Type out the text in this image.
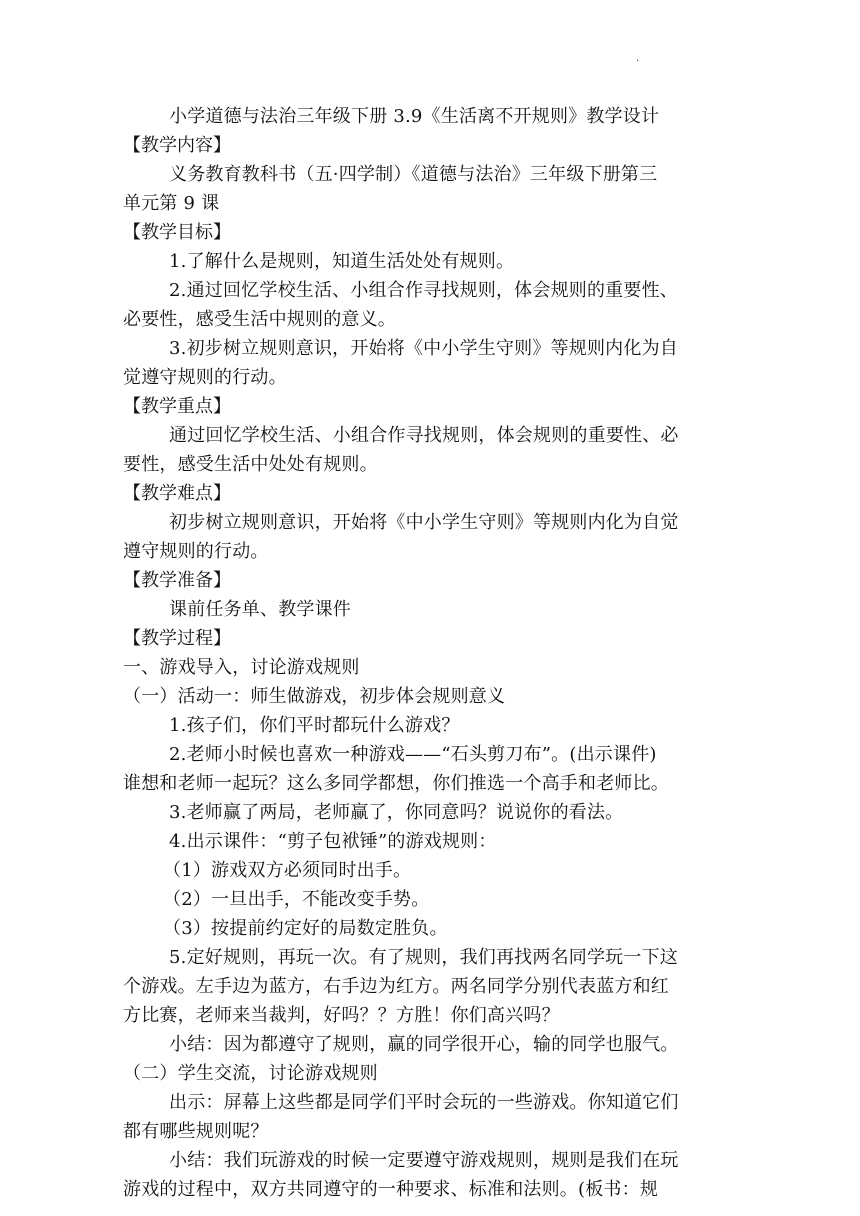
·
小学道德与法治三年级下册 3.9《生活离不开规则》教学设计
【教学内容】
义务教育教科书（五·四学制）《道德与法治》三年级下册第三
单元第 9 课
【教学目标】
1.了解什么是规则，知道生活处处有规则。
2.通过回忆学校生活、小组合作寻找规则，体会规则的重要性、
必要性，感受生活中规则的意义。
3.初步树立规则意识，开始将《中小学生守则》等规则内化为自
觉遵守规则的行动。
【教学重点】
通过回忆学校生活、小组合作寻找规则，体会规则的重要性、必
要性，感受生活中处处有规则。
【教学难点】
初步树立规则意识，开始将《中小学生守则》等规则内化为自觉
遵守规则的行动。
【教学准备】
课前任务单、教学课件
【教学过程】
一、游戏导入，讨论游戏规则
（一）活动一：师生做游戏，初步体会规则意义
1.孩子们，你们平时都玩什么游戏？
2.老师小时候也喜欢一种游戏——“石头剪刀布”。(出示课件)
谁想和老师一起玩？这么多同学都想，你们推选一个高手和老师比。
3.老师赢了两局，老师赢了，你同意吗？说说你的看法。
4.出示课件：“剪子包袱锤”的游戏规则：
（1）游戏双方必须同时出手。
（2）一旦出手，不能改变手势。
（3）按提前约定好的局数定胜负。
5.定好规则，再玩一次。有了规则，我们再找两名同学玩一下这
个游戏。左手边为蓝方，右手边为红方。两名同学分别代表蓝方和红
方比赛，老师来当裁判，好吗？？方胜！你们高兴吗？
小结：因为都遵守了规则，赢的同学很开心，输的同学也服气。
（二）学生交流，讨论游戏规则
出示：屏幕上这些都是同学们平时会玩的一些游戏。你知道它们
都有哪些规则呢？
小结：我们玩游戏的时候一定要遵守游戏规则，规则是我们在玩
游戏的过程中，双方共同遵守的一种要求、标准和法则。(板书：规
